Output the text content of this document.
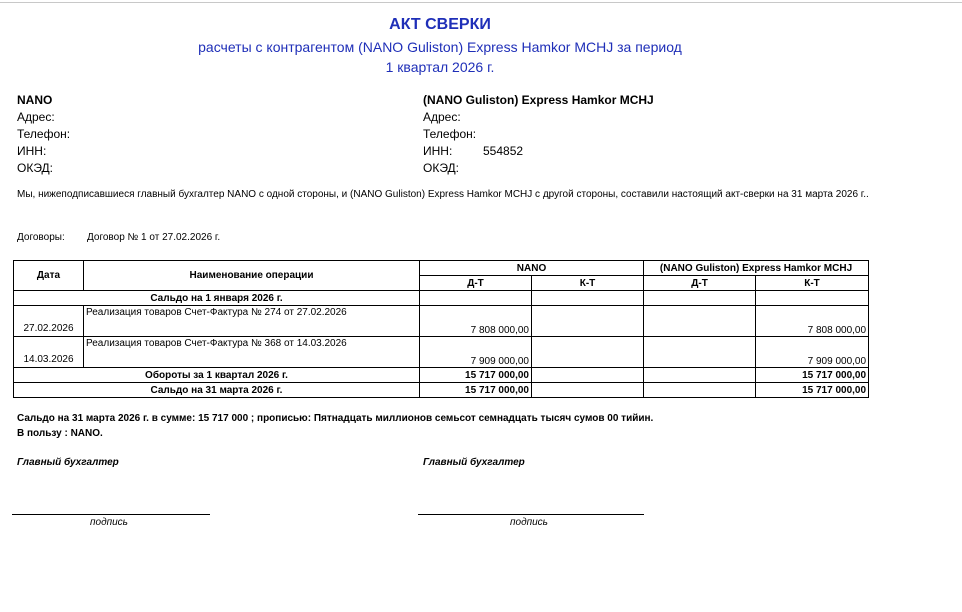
АКТ СВЕРКИ
расчеты с контрагентом (NANO Guliston) Express Hamkor MCHJ за период
1 квартал 2026 г.
NANO
Адрес:
Телефон:
ИНН:
ОКЭД:
(NANO Guliston) Express Hamkor MCHJ
Адрес:
Телефон:
ИНН:	554852
ОКЭД:
Мы, нижеподписавшиеся главный бухгалтер NANO с одной стороны, и (NANO Guliston) Express Hamkor MCHJ с другой стороны, составили настоящий акт-сверки на 31 марта 2026 г..
Договоры: Договор № 1 от 27.02.2026 г.
Дата	Наименование операции	NANO		(NANO Guliston) Express Hamkor MCHJ	
		Д-Т	К-Т	Д-Т	К-Т
Сальдо на 1 января 2026 г.					
27.02.2026	Реализация товаров Счет-Фактура № 274 от 27.02.2026	7 808 000,00			7 808 000,00
14.03.2026	Реализация товаров Счет-Фактура № 368 от 14.03.2026	7 909 000,00			7 909 000,00
Обороты за 1 квартал 2026 г.		15 717 000,00			15 717 000,00
Сальдо на 31 марта 2026 г.		15 717 000,00			15 717 000,00
Сальдо на 31 марта 2026 г. в сумме: 15 717 000 ; прописью: Пятнадцать миллионов семьсот семнадцать тысяч сумов 00 тийин.
В пользу : NANO.
Главный бухгалтер	Главный бухгалтер
подпись	подпись
